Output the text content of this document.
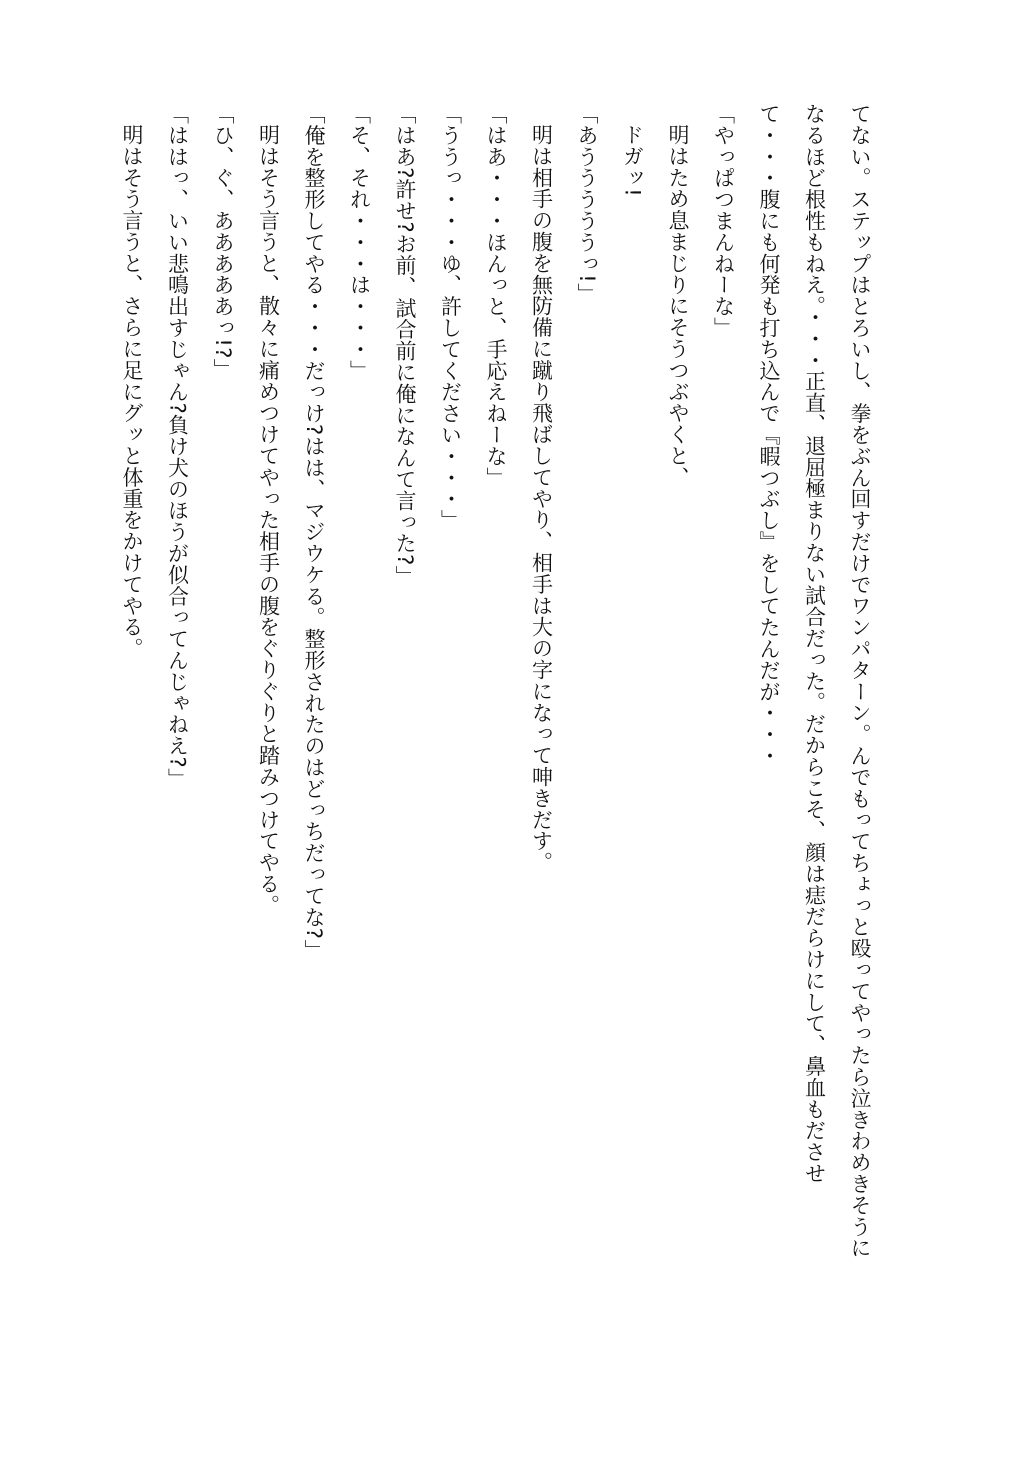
てない。ステップはとろいし、拳をぶん回すだけでワンパターン。んでもってちょっと殴ってやったら泣きわめきそうに

なるほど根性もねえ。・・・正直、退屈極まりない試合だった。だからこそ、顔は痣だらけにして、鼻血もださせ

て・・・腹にも何発も打ち込んで『暇つぶし』をしてたんだが・・・

「やっぱつまんねーな」

明はため息まじりにそうつぶやくと、

ドガッ!

「あうううううっ!」

明は相手の腹を無防備に蹴り飛ばしてやり、相手は大の字になって呻きだす。

「はあ・・・ほんっと、手応えねーな」

「ううっ・・・ゆ、許してください・・・」

「はあ?許せ?お前、試合前に俺になんて言った?」

「そ、それ・・・は・・・」

「俺を整形してやる・・・だっけ?はは、マジウケる。整形されたのはどっちだってな?」

明はそう言うと、散々に痛めつけてやった相手の腹をぐりぐりと踏みつけてやる。

「ひ、ぐ、あああああっ!?」

「ははっ、いい悲鳴出すじゃん?負け犬のほうが似合ってんじゃねえ?」

明はそう言うと、さらに足にグッと体重をかけてやる。
